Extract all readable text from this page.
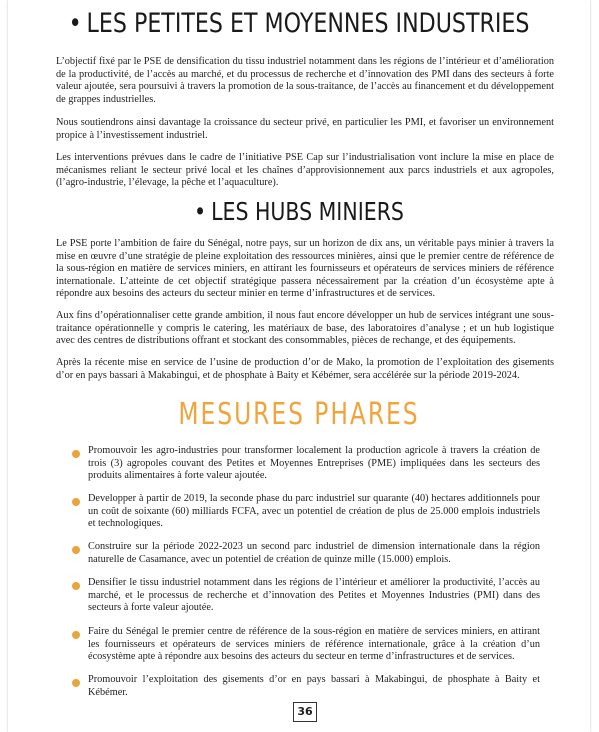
• LES PETITES ET MOYENNES INDUSTRIES

L’objectif fixé par le PSE de densification du tissu industriel notamment dans les régions de l’intérieur et d’amélioration de la productivité, de l’accès au marché, et du processus de recherche et d’innovation des PMI dans des secteurs à forte valeur ajoutée, sera poursuivi à travers la promotion de la sous-traitance, de l’accès au financement et du développement de grappes industrielles.

Nous soutiendrons ainsi davantage la croissance du secteur privé, en particulier les PMI, et favoriser un environnement propice à l’investissement industriel.

Les interventions prévues dans le cadre de l’initiative PSE Cap sur l’industrialisation vont inclure la mise en place de mécanismes reliant le secteur privé local et les chaînes d’approvisionnement aux parcs industriels et aux agropoles, (l’agro-industrie, l’élevage, la pêche et l’aquaculture).

• LES HUBS MINIERS

Le PSE porte l’ambition de faire du Sénégal, notre pays, sur un horizon de dix ans, un véritable pays minier à travers la mise en œuvre d’une stratégie de pleine exploitation des ressources minières, ainsi que le premier centre de référence de la sous-région en matière de services miniers, en attirant les fournisseurs et opérateurs de services miniers de référence internationale. L’atteinte de cet objectif stratégique passera nécessairement par la création d’un écosystème apte à répondre aux besoins des acteurs du secteur minier en terme d’infrastructures et de services.

Aux fins d’opérationnaliser cette grande ambition, il nous faut encore développer un hub de services intégrant une sous-traitance opérationnelle y compris le catering, les matériaux de base, des laboratoires d’analyse ; et un hub logistique avec des centres de distributions offrant et stockant des consommables, pièces de rechange, et des équipements.

Après la récente mise en service de l’usine de production d’or de Mako, la promotion de l’exploitation des gisements d’or en pays bassari à Makabingui, et de phosphate à Baity et Kébémer, sera accélérée sur la période 2019-2024.

MESURES PHARES

Promouvoir les agro-industries pour transformer localement la production agricole à travers la création de trois (3) agropoles couvant des Petites et Moyennes Entreprises (PME) impliquées dans les secteurs des produits alimentaires à forte valeur ajoutée.

Developper à partir de 2019, la seconde phase du parc industriel sur quarante (40) hectares additionnels pour un coût de soixante (60) milliards FCFA, avec un potentiel de création de plus de 25.000 emplois industriels et technologiques.

Construire sur la période 2022-2023 un second parc industriel de dimension internationale dans la région naturelle de Casamance, avec un potentiel de création de quinze mille (15.000) emplois.

Densifier le tissu industriel notamment dans les régions de l’intérieur et améliorer la productivité, l’accès au marché, et le processus de recherche et d’innovation des Petites et Moyennes Industries (PMI) dans des secteurs à forte valeur ajoutée.

Faire du Sénégal le premier centre de référence de la sous-région en matière de services miniers, en attirant les fournisseurs et opérateurs de services miniers de référence internationale, grâce à la création d’un écosystème apte à répondre aux besoins des acteurs du secteur en terme d’infrastructures et de services.

Promouvoir l’exploitation des gisements d’or en pays bassari à Makabingui, de phosphate à Baity et Kébémer.

36
